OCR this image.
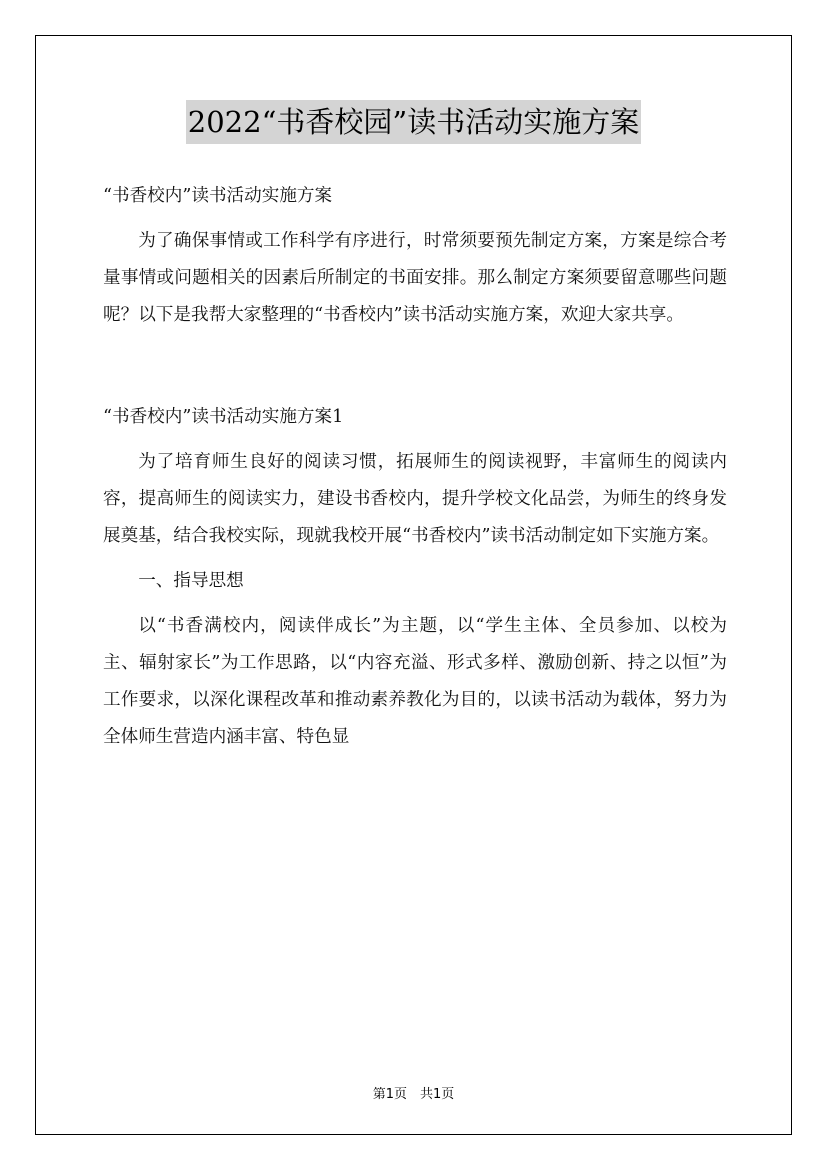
2022“书香校园”读书活动实施方案

“书香校内”读书活动实施方案

为了确保事情或工作科学有序进行，时常须要预先制定方案，方案是综合考量事情或问题相关的因素后所制定的书面安排。那么制定方案须要留意哪些问题呢？以下是我帮大家整理的“书香校内”读书活动实施方案，欢迎大家共享。

“书香校内”读书活动实施方案1

为了培育师生良好的阅读习惯，拓展师生的阅读视野，丰富师生的阅读内容，提高师生的阅读实力，建设书香校内，提升学校文化品尝，为师生的终身发展奠基，结合我校实际，现就我校开展“书香校内”读书活动制定如下实施方案。

一、指导思想

以“书香满校内，阅读伴成长”为主题，以“学生主体、全员参加、以校为主、辐射家长”为工作思路，以“内容充溢、形式多样、激励创新、持之以恒”为工作要求，以深化课程改革和推动素养教化为目的，以读书活动为载体，努力为全体师生营造内涵丰富、特色显

第1页　共1页
